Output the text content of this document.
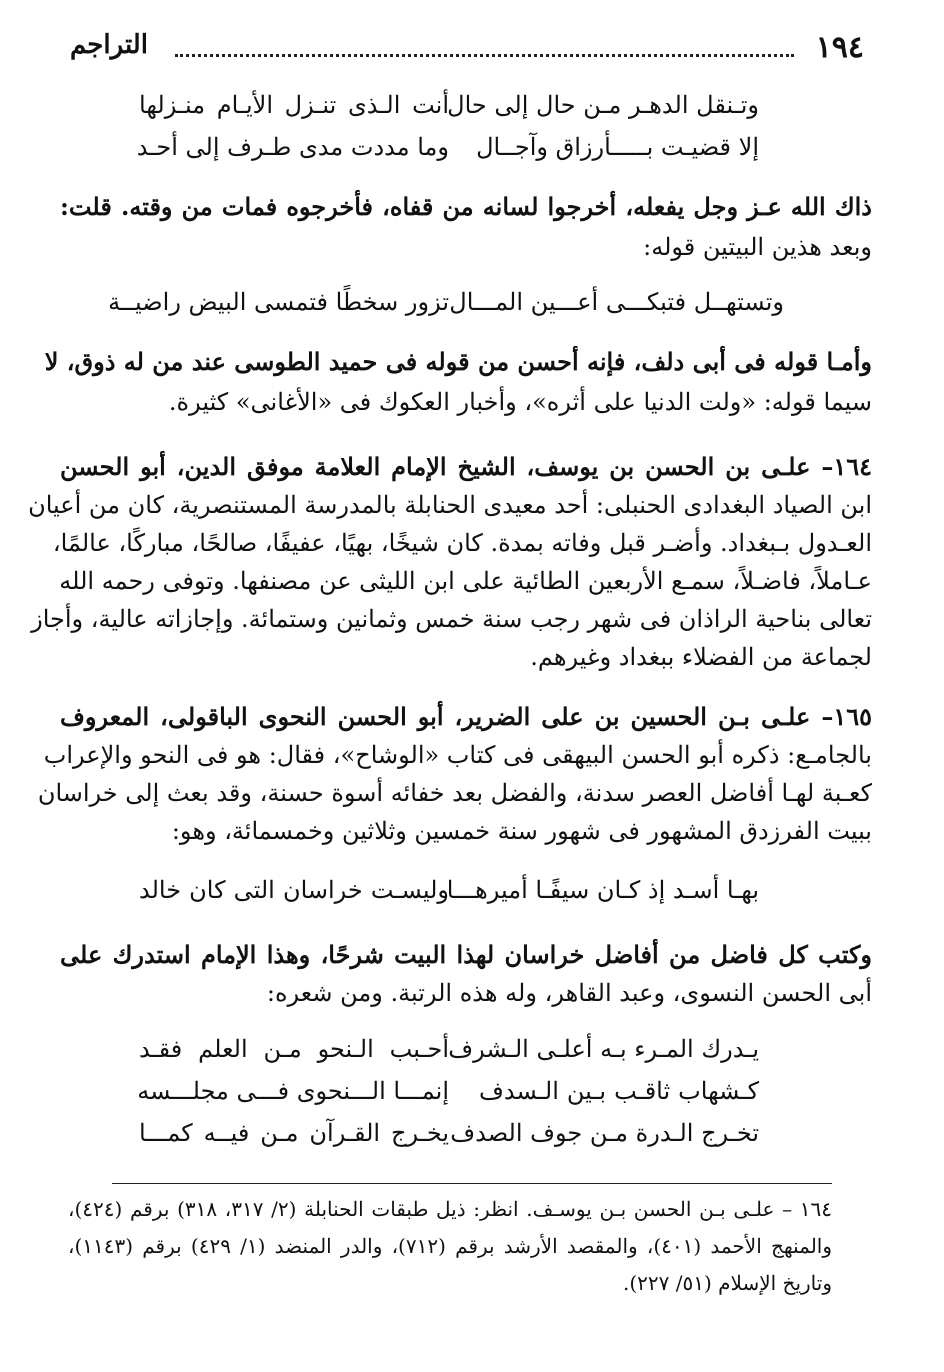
١٩٤
التراجم
أنت الـذى تنـزل الأيـام منـزلها
وتـنقل الدهـر مـن حال إلى حال
وما مددت مدى طـرف إلى أحـد إلا قضيـت بـــــأرزاق وآجــال
ذاك الله عـز وجل يفعله، أخرجوا لسانه من قفاه، فأخرجوه فمات من وقته. قلت:
وبعد هذين البيتين قوله:
تزور سخطًا فتمسى البيض راضيــة وتستهــل فتبكـــى أعـــين المـــال
وأمـا قوله فى أبى دلف، فإنه أحسن من قوله فى حميد الطوسى عند من له ذوق، لا
سيما قوله: «ولت الدنيا على أثره»، وأخبار العكوك فى «الأغانى» كثيرة.
١٦٤– علـى بن الحسن بن يوسف، الشيخ الإمام العلامة موفق الدين، أبو الحسن
ابن الصياد البغدادى الحنبلى: أحد معيدى الحنابلة بالمدرسة المستنصرية، كان من أعيان
العـدول بـبغداد. وأضـر قبل وفاته بمدة. كان شيخًا، بهيًا، عفيفًا، صالحًا، مباركًا، عالمًا،
عـاملاً، فاضـلاً، سمـع الأربعين الطائية على ابن الليثى عن مصنفها. وتوفى رحمه الله
تعالى بناحية الراذان فى شهر رجب سنة خمس وثمانين وستمائة. وإجازاته عالية، وأجاز
لجماعة من الفضلاء ببغداد وغيرهم.
١٦٥– علـى بـن الحسين بن على الضرير، أبو الحسن النحوى الباقولى، المعروف
بالجامـع: ذكره أبو الحسن البيهقى فى كتاب «الوشاح»، فقال: هو فى النحو والإعراب
كعـبة لهـا أفاضل العصر سدنة، والفضل بعد خفائه أسوة حسنة، وقد بعث إلى خراسان
ببيت الفرزدق المشهور فى شهور سنة خمسين وثلاثين وخمسمائة، وهو:
وليسـت خراسان التى كان خالد
بهـا أسـد إذ كـان سيفًـا أميرهـــا
وكتب كل فاضل من أفاضل خراسان لهذا البيت شرحًا، وهذا الإمام استدرك على
أبى الحسن النسوى، وعبد القاهر، وله هذه الرتبة. ومن شعره:
أحـبب الـنحو مـن العلم فقـد يـدرك المـرء بـه أعلـى الـشرف
إنمـــا الـــنحوى فـــى مجلـــسه كـشهاب ثاقـب بـين الـسدف
يخـرج القـرآن مـن فيــه كمـــا تخـرج الـدرة مـن جوف الصدف
١٦٤ – علـى بـن الحسن بـن يوسـف. انظر: ذيل طبقات الحنابلة (٢/ ٣١٧، ٣١٨) برقم (٤٢٤)،
والمنهج الأحمد (٤٠١)، والمقصد الأرشد برقم (٧١٢)، والدر المنضد (١/ ٤٢٩) برقم (١١٤٣)،
وتاريخ الإسلام (٥١/ ٢٢٧).
